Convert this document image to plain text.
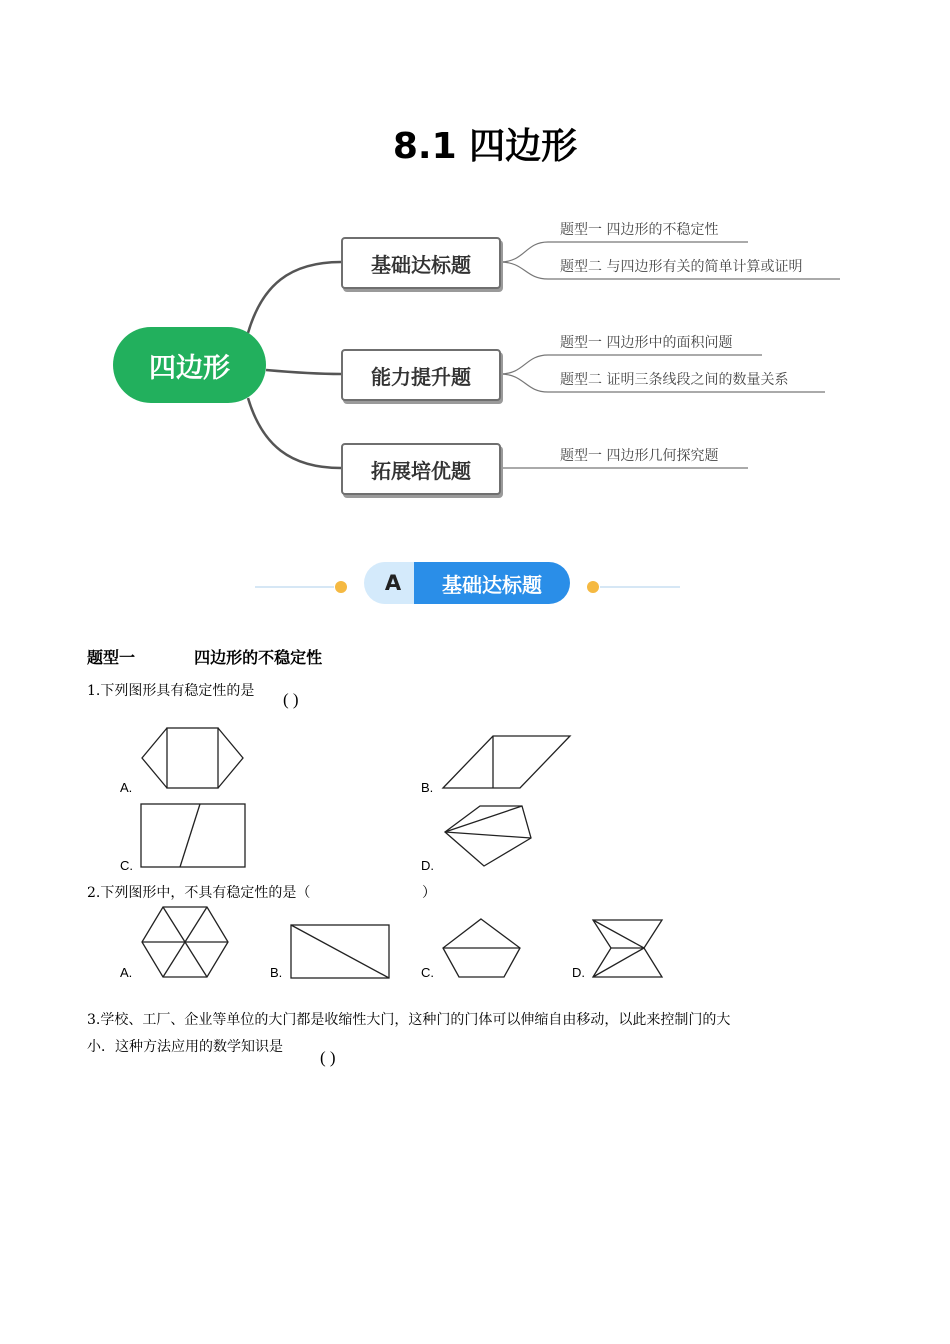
8.1 四边形
四边形
基础达标题
能力提升题
拓展培优题
题型一 四边形的不稳定性
题型二 与四边形有关的简单计算或证明
题型一 四边形中的面积问题
题型二 证明三条线段之间的数量关系
题型一 四边形几何探究题
A	基础达标题
题型一	四边形的不稳定性
1.下列图形具有稳定性的是 ( )
A.	B.
C.	D.
2.下列图形中，不具有稳定性的是（	）
A.	B.	C.	D.
3.学校、工厂、企业等单位的大门都是收缩性大门，这种门的门体可以伸缩自由移动，以此来控制门的大
小．这种方法应用的数学知识是
( )
